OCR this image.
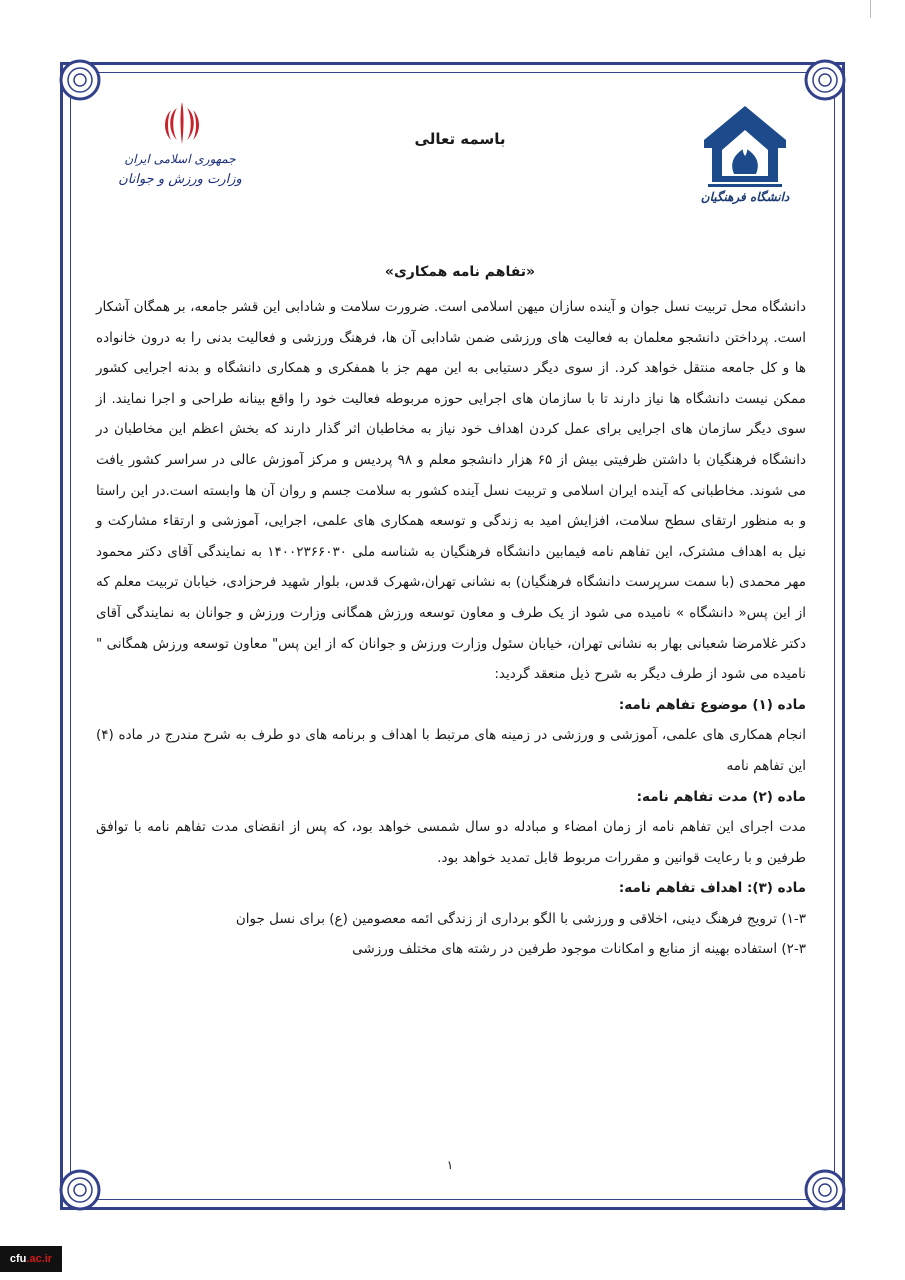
جمهوری اسلامی ایران
وزارت ورزش و جوانان
باسمه تعالی
دانشگاه فرهنگیان
«تفاهم نامه همکاری»

دانشگاه محل تربیت نسل جوان و آینده سازان میهن اسلامی است. ضرورت سلامت و شادابی این قشر جامعه، بر همگان آشکار است. پرداختن دانشجو معلمان به فعالیت های ورزشی ضمن شادابی آن ها، فرهنگ ورزشی و فعالیت بدنی را به درون خانواده ها و کل جامعه منتقل خواهد کرد. از سوی دیگر دستیابی به این مهم جز با همفکری و همکاری دانشگاه و بدنه اجرایی کشور ممکن نیست دانشگاه ها نیاز دارند تا با سازمان های اجرایی حوزه مربوطه فعالیت خود را واقع بینانه طراحی و اجرا نمایند. از سوی دیگر سازمان های اجرایی برای عمل کردن اهداف خود نیاز به مخاطبان اثر گذار دارند که بخش اعظم این مخاطبان در دانشگاه فرهنگیان با داشتن ظرفیتی بیش از ۶۵ هزار دانشجو معلم و ۹۸ پردیس و مرکز آموزش عالی در سراسر کشور یافت می شوند. مخاطبانی که آینده ایران اسلامی و تربیت نسل آینده کشور به سلامت جسم و روان آن ها وابسته است.در این راستا و به منظور ارتقای سطح سلامت، افزایش امید به زندگی و توسعه همکاری های علمی، اجرایی، آموزشی و ارتقاء مشارکت و نیل به اهداف مشترک، این تفاهم نامه فیمابین دانشگاه فرهنگیان به شناسه ملی ۱۴۰۰۲۳۶۶۰۳۰ به نمایندگی آقای دکتر محمود مهر محمدی (با سمت سرپرست دانشگاه فرهنگیان) به نشانی تهران،شهرک قدس، بلوار شهید فرحزادی، خیابان تربیت معلم که از این پس« دانشگاه » نامیده می شود از یک طرف و معاون توسعه ورزش همگانی وزارت ورزش و جوانان به نمایندگی آقای دکتر غلامرضا شعبانی بهار به نشانی تهران، خیابان سئول وزارت ورزش و جوانان که از این پس" معاون توسعه ورزش همگانی " نامیده می شود از طرف دیگر به شرح ذیل منعقد گردید:

ماده (۱) موضوع تفاهم نامه:

انجام همکاری های علمی، آموزشی و ورزشی در زمینه های مرتبط با اهداف و برنامه های دو طرف به شرح مندرج در ماده (۴) این تفاهم نامه

ماده (۲) مدت تفاهم نامه:

مدت اجرای این تفاهم نامه از زمان امضاء و مبادله دو سال شمسی خواهد بود، که پس از انقضای مدت تفاهم نامه با توافق طرفین و با رعایت قوانین و مقررات مربوط قابل تمدید خواهد بود.

ماده (۳): اهداف تفاهم نامه:

۱-۳) ترویج فرهنگ دینی، اخلاقی و ورزشی با الگو برداری از زندگی ائمه معصومین (ع) برای نسل جوان

۲-۳) استفاده بهینه از منابع و امکانات موجود طرفین در رشته های مختلف ورزشی

۱
cfu.ac.ir
